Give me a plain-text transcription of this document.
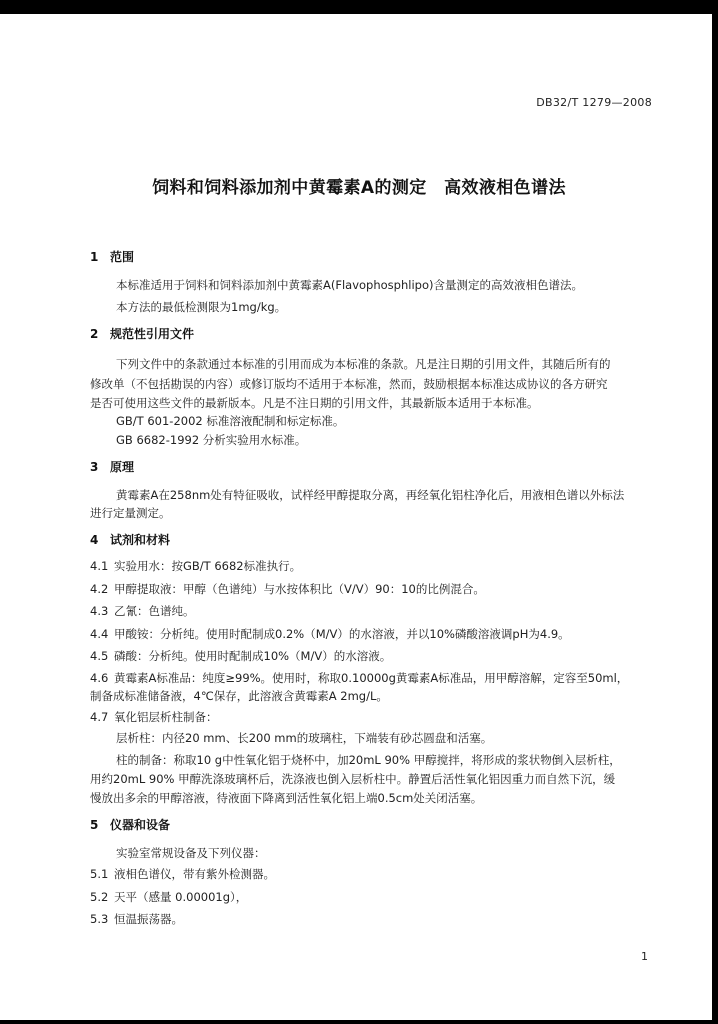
DB32/T 1279—2008
饲料和饲料添加剂中黄霉素A的测定　高效液相色谱法
1 范围
本标准适用于饲料和饲料添加剂中黄霉素A(Flavophosphlipo)含量测定的高效液相色谱法。
本方法的最低检测限为1mg/kg。
2 规范性引用文件
下列文件中的条款通过本标准的引用而成为本标准的条款。凡是注日期的引用文件，其随后所有的
修改单（不包括勘误的内容）或修订版均不适用于本标准，然而，鼓励根据本标准达成协议的各方研究
是否可使用这些文件的最新版本。凡是不注日期的引用文件，其最新版本适用于本标准。
GB/T 601-2002 标准溶液配制和标定标准。
GB 6682-1992 分析实验用水标准。
3 原理
黄霉素A在258nm处有特征吸收，试样经甲醇提取分离，再经氧化铝柱净化后，用液相色谱以外标法
进行定量测定。
4 试剂和材料
4.1 实验用水：按GB/T 6682标准执行。
4.2 甲醇提取液：甲醇（色谱纯）与水按体积比（V/V）90：10的比例混合。
4.3 乙氰：色谱纯。
4.4 甲酸铵：分析纯。使用时配制成0.2%（M/V）的水溶液，并以10%磷酸溶液调pH为4.9。
4.5 磷酸：分析纯。使用时配制成10%（M/V）的水溶液。
4.6 黄霉素A标准品：纯度≥99%。使用时，称取0.10000g黄霉素A标准品，用甲醇溶解，定容至50ml，
制备成标准储备液，4℃保存，此溶液含黄霉素A 2mg/L。
4.7 氧化铝层析柱制备：
层析柱：内径20 mm、长200 mm的玻璃柱，下端装有砂芯圆盘和活塞。
柱的制备：称取10 g中性氧化铝于烧杯中，加20mL 90% 甲醇搅拌，将形成的浆状物倒入层析柱，
用约20mL 90% 甲醇洗涤玻璃杯后，洗涤液也倒入层析柱中。静置后活性氧化铝因重力而自然下沉，缓
慢放出多余的甲醇溶液，待液面下降离到活性氧化铝上端0.5cm处关闭活塞。
5 仪器和设备
实验室常规设备及下列仪器：
5.1 液相色谱仪，带有紫外检测器。
5.2 天平（感量 0.00001g），
5.3 恒温振荡器。
1
